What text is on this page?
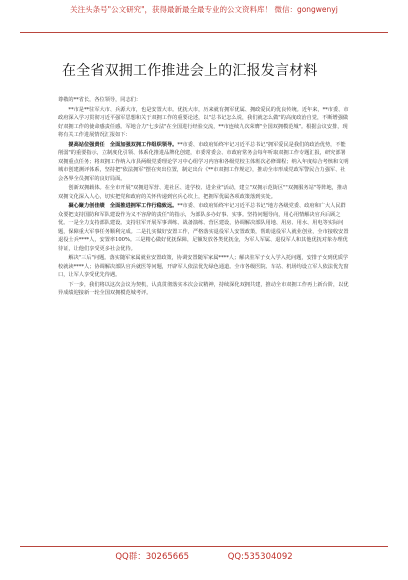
关注头条号"公文研究"，获得最新最全最专业的公文资料库！ 微信：gongwenyj
在全省双拥工作推进会上的汇报发言材料

尊敬的**省长，各位领导，同志们：

**市是**驻军大市、兵源大市，也是安置大市。优抚大市，历来就有拥军优属、拥政爱民的优良传统。近年来，**市委、市政府深入学习贯彻习近平强军思想和关于双拥工作的重要论述，以"总书记怎么说，我们就怎么做"的高度政治自觉，不断增强做好双拥工作的使命感责任感。军地合力"七步法"在全国进行经验交流，**市连续九次荣膺"全国双拥模范城"。根据会议安排，现将有关工作进展情况汇报如下：

提高站位强责任　全面加强双拥工作组织领导。**市委、市政府始终牢记习近平总书记"拥军爱民是我们的政治优势，不能削弱"的重要指示，立制度化引领、体系化推进品牌化创建，市委常委会、市政府常务会每年听取双拥工作专题汇报，研究部署双拥重点任务；将双拥工作纳入市县两级党委理论学习中心组学习内容和各级党校主体班次必修课程；纳入年度综合考核和文明城市创建测评体系，坚持把"依法拥军"摆在突出位置，制定出台《**市双拥工作规定》，推动全市形成党政军警民合力强军、社会各界全员拥军的良好局面。

创新双拥载体。在全市开展"双拥进军营、进社区、进学校、进企业"活动，建立"双拥示范街区""双拥服务站"等阵地，推动双拥文化深入人心，切实把党和政府的关怀传递到官兵心坎上，把拥军优属各项政策落到实处。

凝心聚力创佳绩　全面推进拥军工作行稳致远。**市委、市政府始终牢记习近平总书记"地方各级党委、政府和广大人民群众要把支持国防和军队建设作为义不容辞的责任"的指示，为部队多办好事、实事。坚持问题导向，用心用情解决官兵后顾之忧。一是全力支持部队建设。支持驻军开展军事训练、战备演练、营区建设，协调解决部队用地、用房、用水、用电等实际问题，保障重大军事任务顺利完成。二是扎实做好安置工作，严格落实退役军人安置政策，帮助退役军人就业创业，全市接收安置退役士兵****人，安置率100%。三是精心做好优抚保障，足额发放各类优抚金，为军人军属、退役军人和其他优抚对象办理优待证，让他们享受更多社会优待。

解决"三后"问题。落实随军家属就业安置政策，协调安置随军家属****人；解决驻军子女入学入托问题，安排子女到优质学校就读****人；协调解决部队官兵就医等问题，开辟军人依法优先绿色通道。全市各级医院、车站、机场均设立军人依法优先窗口，让军人享受优先待遇。

下一步，我们将以这次会议为契机，认真贯彻落实本次会议精神，持续深化双拥共建，推动全市双拥工作再上新台阶，以优异成绩迎接新一轮全国双拥模范城考评。

QQ群：30265665	QQ:535304092
